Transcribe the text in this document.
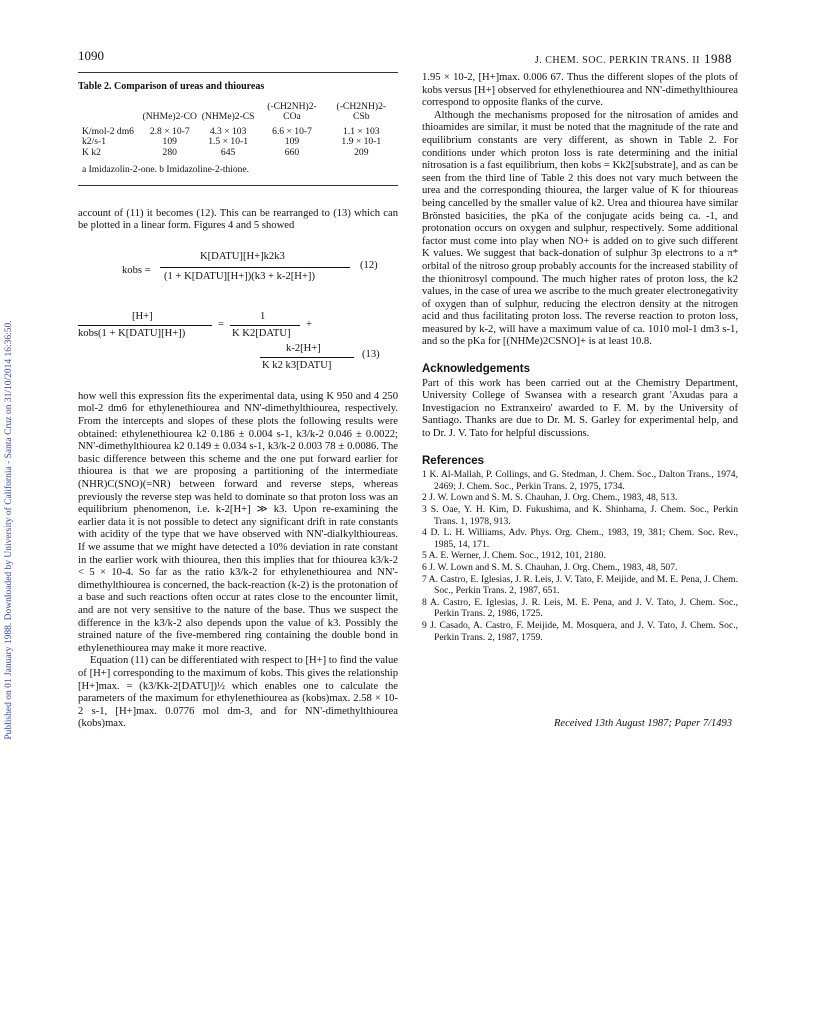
Published on 01 January 1988. Downloaded by University of California - Santa Cruz on 31/10/2014 16:36:50.
1090	J. CHEM. SOC. PERKIN TRANS. II 1988
Table 2. Comparison of ureas and thioureas
	(NHMe)2-CO	(NHMe)2-CS	(-CH2NH)2-COa	(-CH2NH)2-CSb

K/mol-2 dm6	2.8 × 10-7	4.3 × 103	6.6 × 10-7	1.1 × 103
k2/s-1	109	1.5 × 10-1	109	1.9 × 10-1
K k2	280	645	660	209
a Imidazolin-2-one. b Imidazoline-2-thione.

account of (11) it becomes (12). This can be rearranged to (13) which can be plotted in a linear form. Figures 4 and 5 showed

kobs =
K[DATU][H+]k2k3
(1 + K[DATU][H+])(k3 + k-2[H+])
(12)
[H+]
kobs(1 + K[DATU][H+])
=
1
K K2[DATU]
+
k-2[H+]
K k2 k3[DATU]
(13)

how well this expression fits the experimental data, using K 950 and 4 250 mol-2 dm6 for ethylenethiourea and NN'-dimethylthiourea, respectively. From the intercepts and slopes of these plots the following results were obtained: ethylenethiourea k2 0.186 ± 0.004 s-1, k3/k-2 0.046 ± 0.0022; NN'-dimethylthiourea k2 0.149 ± 0.034 s-1, k3/k-2 0.003 78 ± 0.0086. The basic difference between this scheme and the one put forward earlier for thiourea is that we are proposing a partitioning of the intermediate (NHR)C(SNO)(=NR) between forward and reverse steps, whereas previously the reverse step was held to dominate so that proton loss was an equilibrium phenomenon, i.e. k-2[H+] ≫ k3. Upon re-examining the earlier data it is not possible to detect any significant drift in rate constants with acidity of the type that we have observed with NN'-dialkylthioureas. If we assume that we might have detected a 10% deviation in rate constant in the earlier work with thiourea, then this implies that for thiourea k3/k-2 < 5 × 10-4. So far as the ratio k3/k-2 for ethylenethiourea and NN'-dimethylthiourea is concerned, the back-reaction (k-2) is the protonation of a base and such reactions often occur at rates close to the encounter limit, and are not very sensitive to the nature of the base. Thus we suspect the difference in the k3/k-2 also depends upon the value of k3. Possibly the strained nature of the five-membered ring containing the double bond in ethylenethiourea may make it more reactive.

Equation (11) can be differentiated with respect to [H+] to find the value of [H+] corresponding to the maximum of kobs. This gives the relationship [H+]max. = (k3/Kk-2[DATU])½ which enables one to calculate the parameters of the maximum for ethylenethiourea as (kobs)max. 2.58 × 10-2 s-1, [H+]max. 0.0776 mol dm-3, and for NN'-dimethylthiourea (kobs)max.

1.95 × 10-2, [H+]max. 0.006 67. Thus the different slopes of the plots of kobs versus [H+] observed for ethylenethiourea and NN'-dimethylthiourea correspond to opposite flanks of the curve.

Although the mechanisms proposed for the nitrosation of amides and thioamides are similar, it must be noted that the magnitude of the rate and equilibrium constants are very different, as shown in Table 2. For conditions under which proton loss is rate determining and the initial nitrosation is a fast equilibrium, then kobs = Kk2[substrate], and as can be seen from the third line of Table 2 this does not vary much between the urea and the corresponding thiourea, the larger value of K for thioureas being cancelled by the smaller value of k2. Urea and thiourea have similar Brönsted basicities, the pKa of the conjugate acids being ca. -1, and protonation occurs on oxygen and sulphur, respectively. Some additional factor must come into play when NO+ is added on to give such different K values. We suggest that back-donation of sulphur 3p electrons to a π* orbital of the nitroso group probably accounts for the increased stability of the thionitrosyl compound. The much higher rates of proton loss, the k2 values, in the case of urea we ascribe to the much greater electronegativity of oxygen than of sulphur, reducing the electron density at the nitrogen acid and thus facilitating proton loss. The reverse reaction to proton loss, measured by k-2, will have a maximum value of ca. 1010 mol-1 dm3 s-1, and so the pKa for [(NHMe)2CSNO]+ is at least 10.8.

Acknowledgements

Part of this work has been carried out at the Chemistry Department, University College of Swansea with a research grant 'Axudas para a Investigacion no Extranxeiro' awarded to F. M. by the University of Santiago. Thanks are due to Dr. M. S. Garley for experimental help, and to Dr. J. V. Tato for helpful discussions.

References

1 K. Al-Mallah, P. Collings, and G. Stedman, J. Chem. Soc., Dalton Trans., 1974, 2469; J. Chem. Soc., Perkin Trans. 2, 1975, 1734.

2 J. W. Lown and S. M. S. Chauhan, J. Org. Chem., 1983, 48, 513.

3 S. Oae, Y. H. Kim, D. Fukushima, and K. Shinhama, J. Chem. Soc., Perkin Trans. 1, 1978, 913.

4 D. L. H. Williams, Adv. Phys. Org. Chem., 1983, 19, 381; Chem. Soc. Rev., 1985, 14, 171.

5 A. E. Werner, J. Chem. Soc., 1912, 101, 2180.

6 J. W. Lown and S. M. S. Chauhan, J. Org. Chem., 1983, 48, 507.

7 A. Castro, E. Iglesias, J. R. Leis, J. V. Tato, F. Meijide, and M. E. Pena, J. Chem. Soc., Perkin Trans. 2, 1987, 651.

8 A. Castro, E. Iglesias, J. R. Leis, M. E. Pena, and J. V. Tato, J. Chem. Soc., Perkin Trans. 2, 1986, 1725.

9 J. Casado, A. Castro, F. Meijide, M. Mosquera, and J. V. Tato, J. Chem. Soc., Perkin Trans. 2, 1987, 1759.

Received 13th August 1987; Paper 7/1493
